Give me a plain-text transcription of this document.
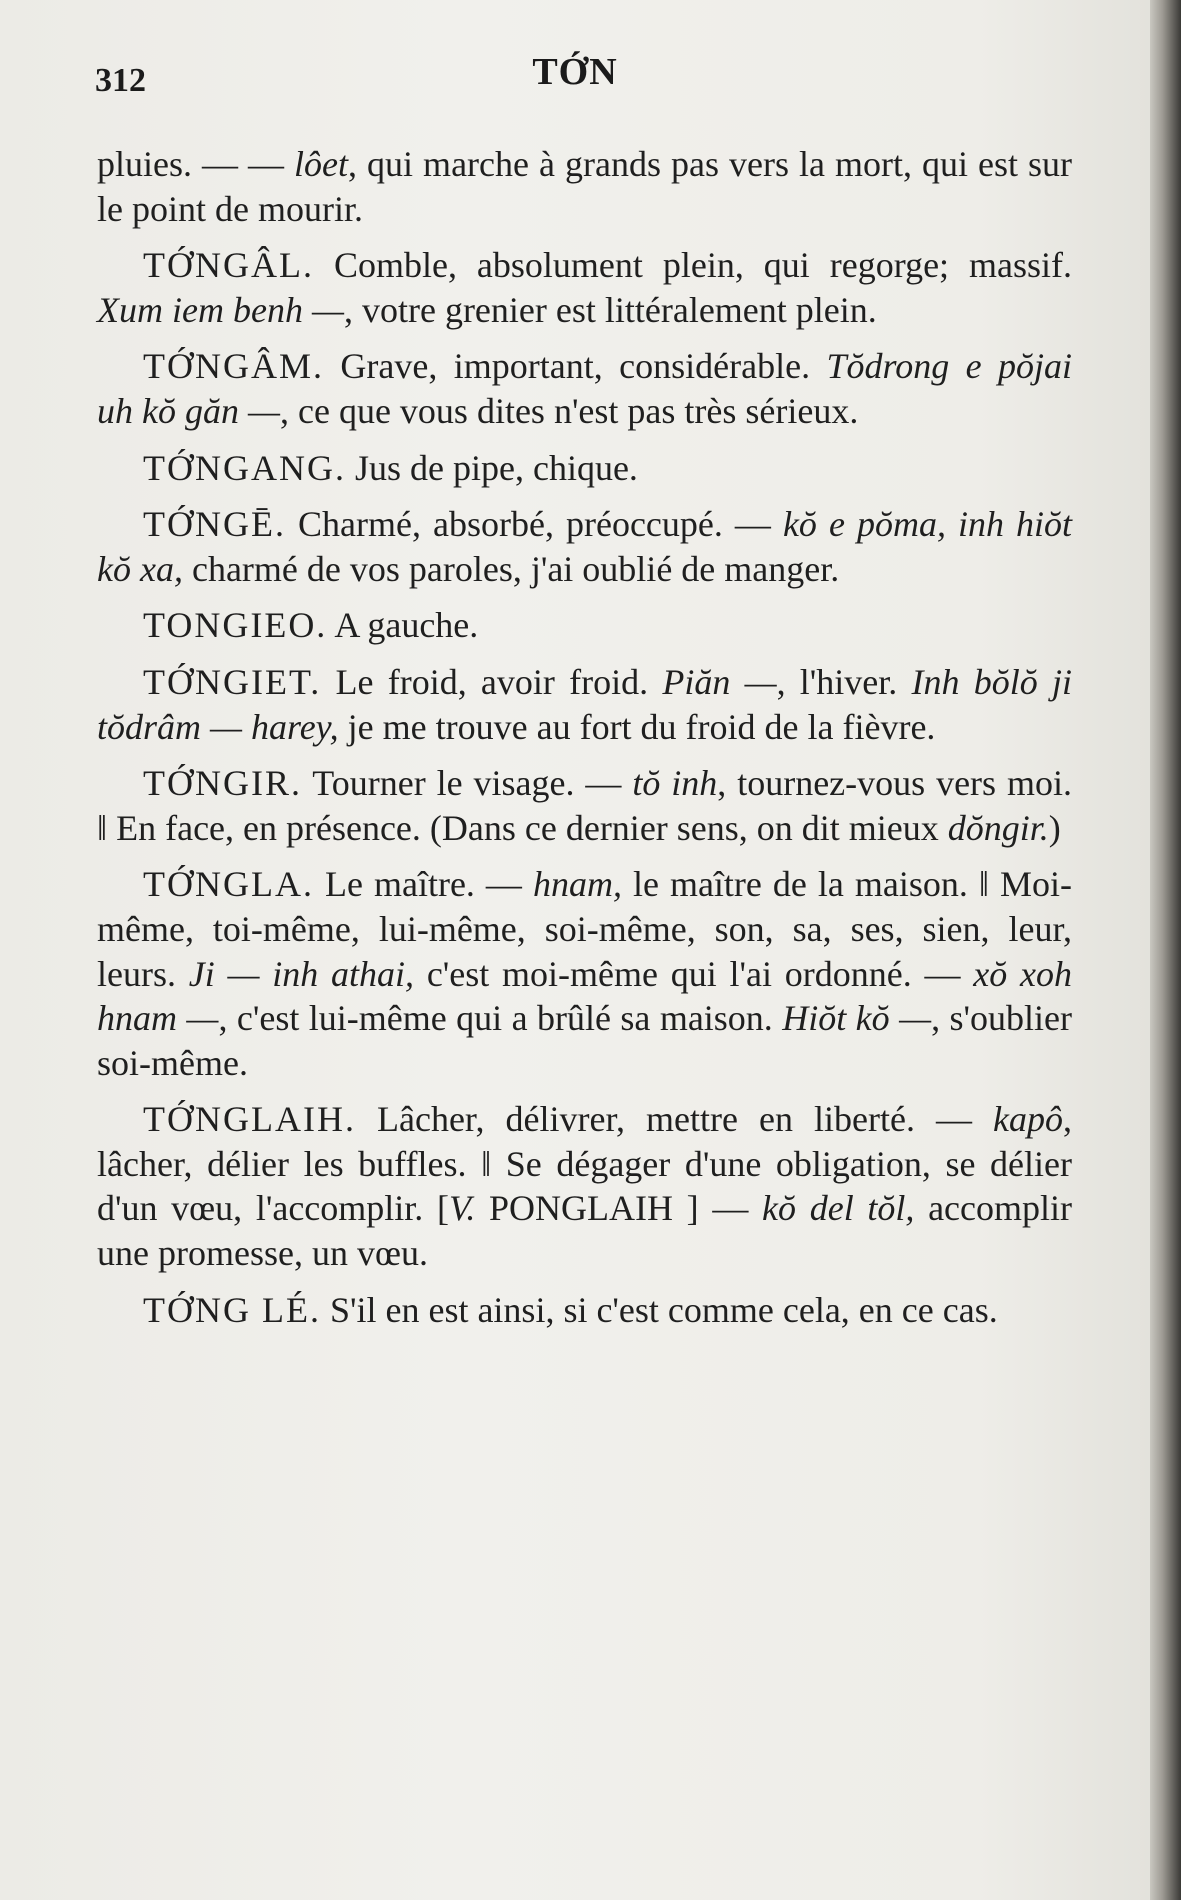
312	TỚN

pluies. — — lôet, qui marche à grands pas vers la mort, qui est sur le point de mourir.

TỚNGÂL. Comble, absolument plein, qui regorge; massif. Xum iem benh —, votre grenier est littéralement plein.

TỚNGÂM. Grave, important, considérable. Tŏdrong e pŏjai uh kŏ găn —, ce que vous dites n'est pas très sérieux.

TỚNGANG. Jus de pipe, chique.

TỚNGĒ. Charmé, absorbé, préoccupé. — kŏ e pŏma, inh hiŏt kŏ xa, charmé de vos paroles, j'ai oublié de manger.

TONGIEO. A gauche.

TỚNGIET. Le froid, avoir froid. Piăn —, l'hiver. Inh bŏlŏ ji tŏdrâm — harey, je me trouve au fort du froid de la fièvre.

TỚNGIR. Tourner le visage. — tŏ inh, tournez-vous vers moi. ‖ En face, en présence. (Dans ce dernier sens, on dit mieux dŏngir.)

TỚNGLA. Le maître. — hnam, le maître de la maison. ‖ Moi-même, toi-même, lui-même, soi-même, son, sa, ses, sien, leur, leurs. Ji — inh athai, c'est moi-même qui l'ai ordonné. — xŏ xoh hnam —, c'est lui-même qui a brûlé sa maison. Hiŏt kŏ —, s'oublier soi-même.

TỚNGLAIH. Lâcher, délivrer, mettre en liberté. — kapô, lâcher, délier les buffles. ‖ Se dégager d'une obligation, se délier d'un vœu, l'accomplir. [V. PONGLAIH ] — kŏ del tŏl, accomplir une promesse, un vœu.

TỚNG LÉ. S'il en est ainsi, si c'est comme cela, en ce cas.
